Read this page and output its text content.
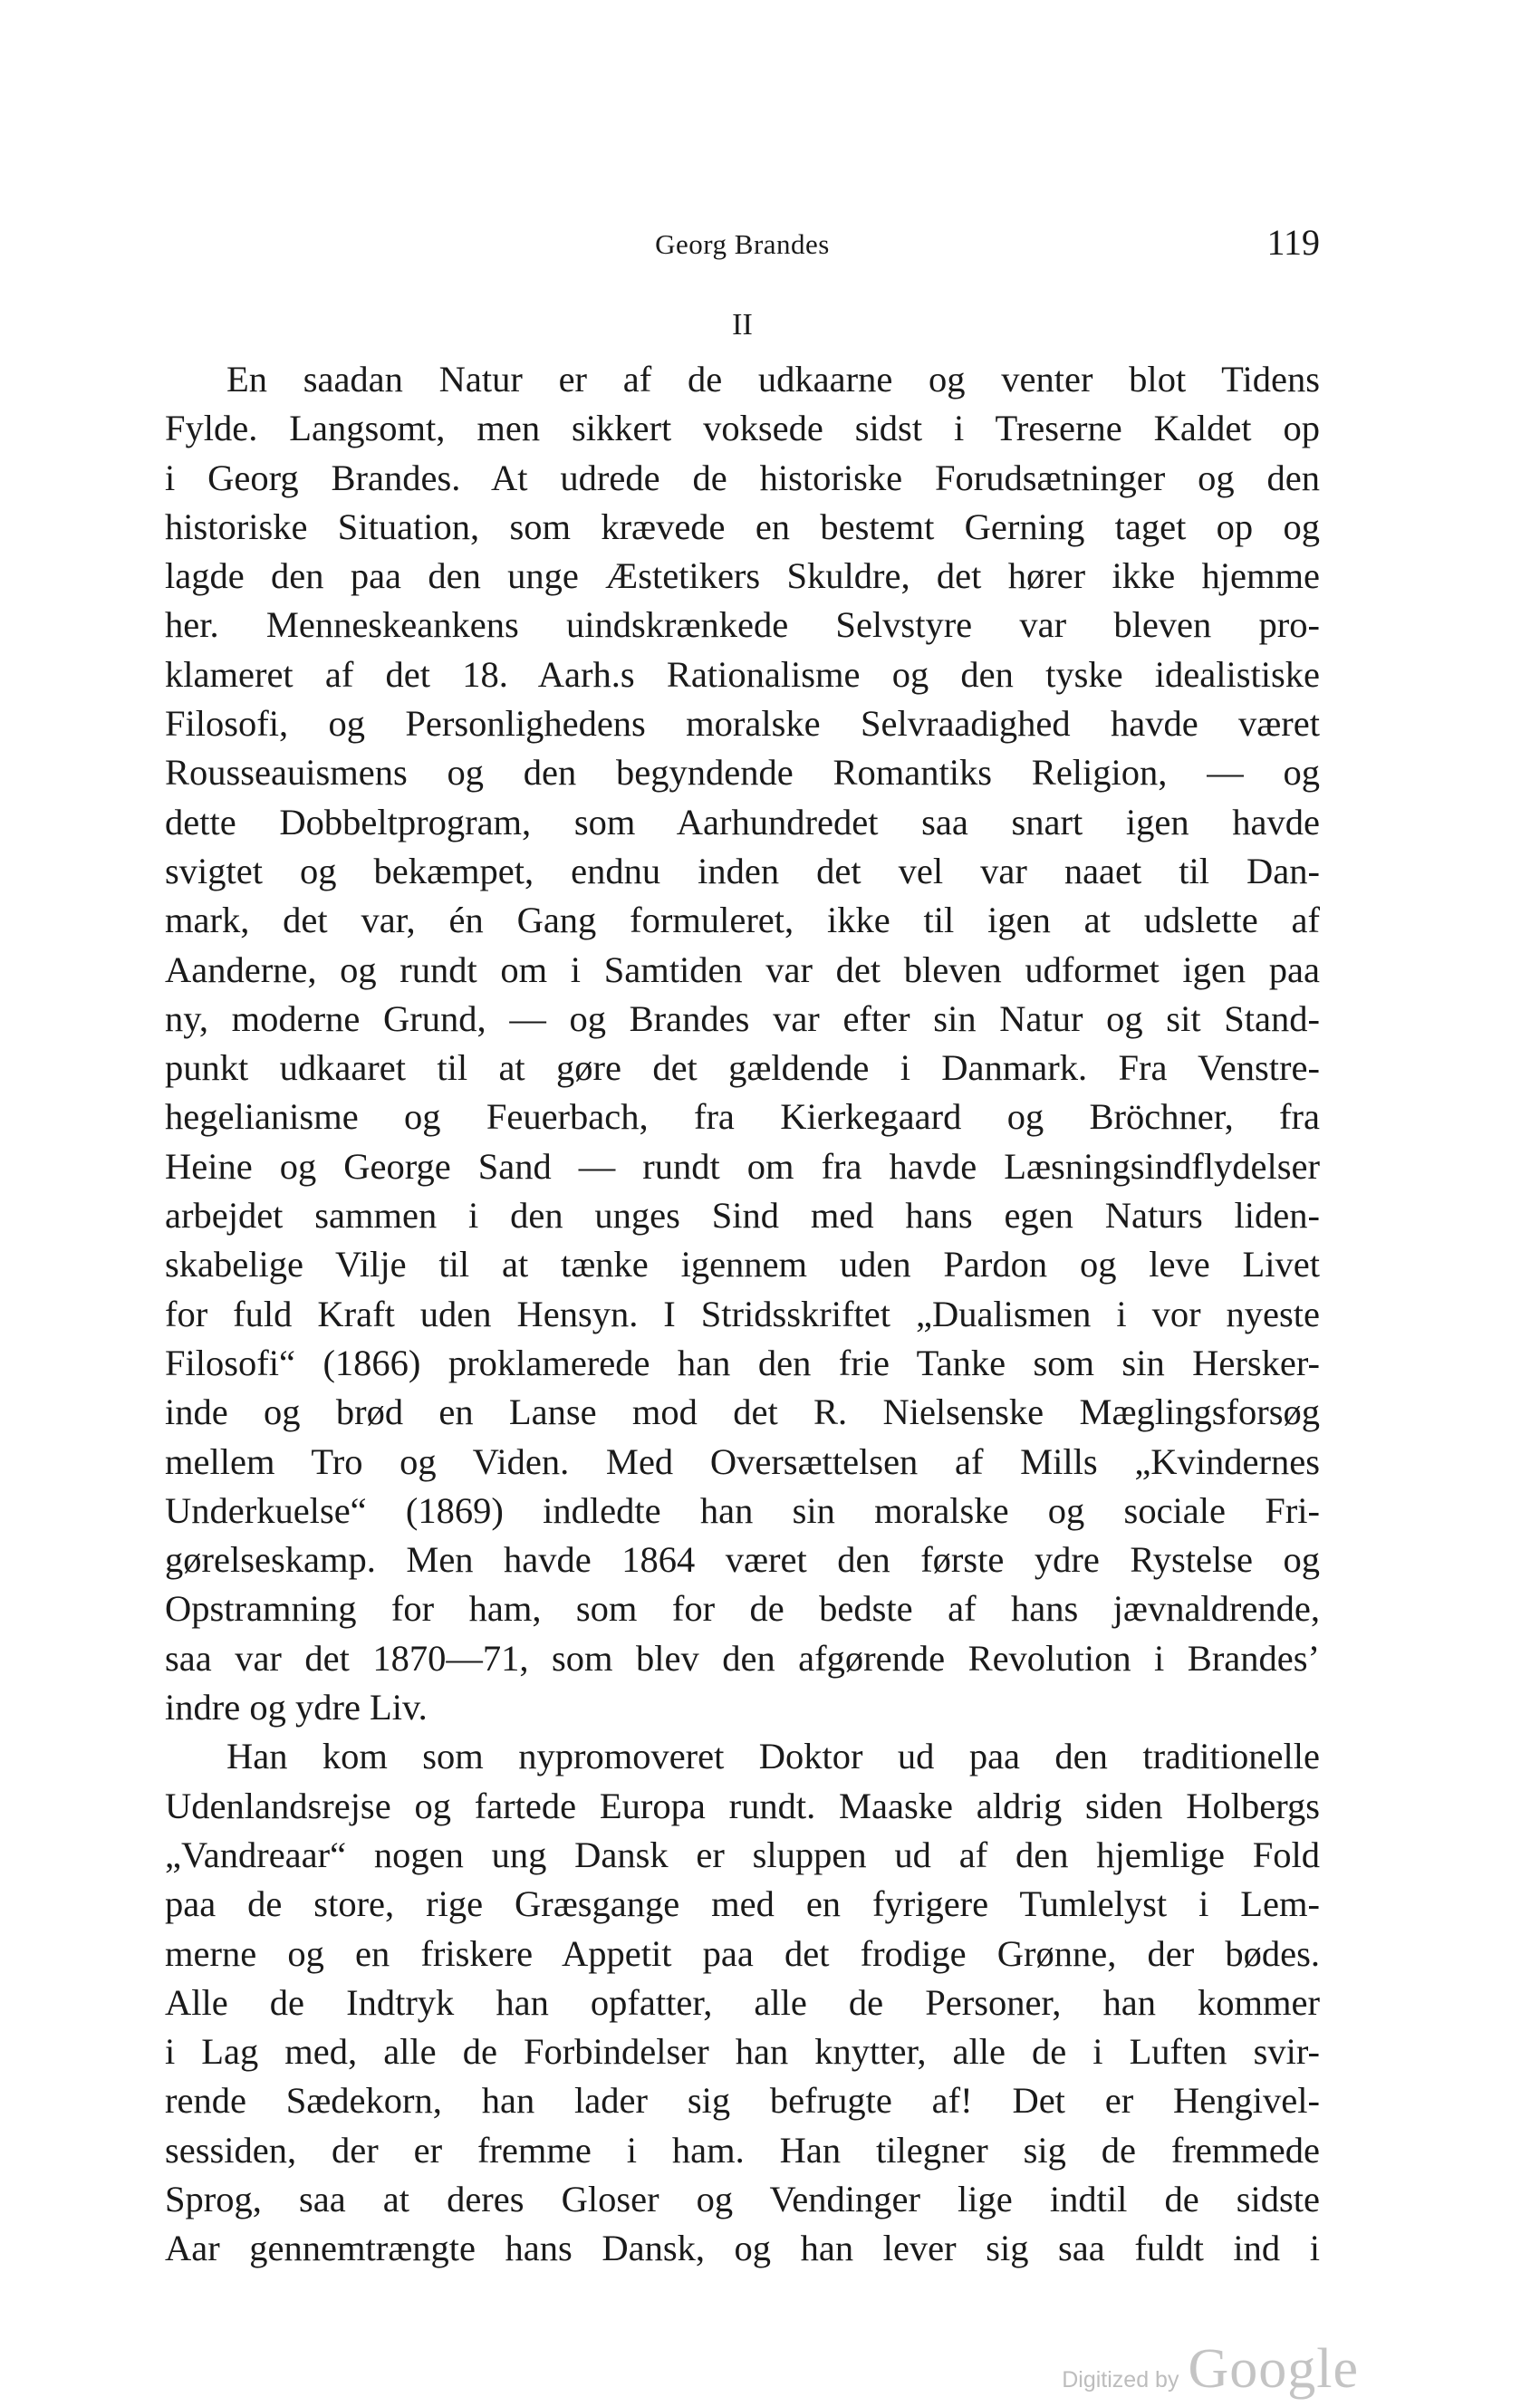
Georg Brandes	119
II
En saadan Natur er af de udkaarne og venter blot Tidens
Fylde. Langsomt, men sikkert voksede sidst i Treserne Kaldet op
i Georg Brandes. At udrede de historiske Forudsætninger og den
historiske Situation, som krævede en bestemt Gerning taget op og
lagde den paa den unge Æstetikers Skuldre, det hører ikke hjemme
her. Menneskeankens uindskrænkede Selvstyre var bleven pro-
klameret af det 18. Aarh.s Rationalisme og den tyske idealistiske
Filosofi, og Personlighedens moralske Selvraadighed havde været
Rousseauismens og den begyndende Romantiks Religion, — og
dette Dobbeltprogram, som Aarhundredet saa snart igen havde
svigtet og bekæmpet, endnu inden det vel var naaet til Dan-
mark, det var, én Gang formuleret, ikke til igen at udslette af
Aanderne, og rundt om i Samtiden var det bleven udformet igen paa
ny, moderne Grund, — og Brandes var efter sin Natur og sit Stand-
punkt udkaaret til at gøre det gældende i Danmark. Fra Venstre-
hegelianisme og Feuerbach, fra Kierkegaard og Bröchner, fra
Heine og George Sand — rundt om fra havde Læsningsindflydelser
arbejdet sammen i den unges Sind med hans egen Naturs liden-
skabelige Vilje til at tænke igennem uden Pardon og leve Livet
for fuld Kraft uden Hensyn. I Stridsskriftet „Dualismen i vor nyeste
Filosofi“ (1866) proklamerede han den frie Tanke som sin Hersker-
inde og brød en Lanse mod det R. Nielsenske Mæglingsforsøg
mellem Tro og Viden. Med Oversættelsen af Mills „Kvindernes
Underkuelse“ (1869) indledte han sin moralske og sociale Fri-
gørelseskamp. Men havde 1864 været den første ydre Rystelse og
Opstramning for ham, som for de bedste af hans jævnaldrende,
saa var det 1870—71, som blev den afgørende Revolution i Brandes’
indre og ydre Liv.
Han kom som nypromoveret Doktor ud paa den traditionelle
Udenlandsrejse og fartede Europa rundt. Maaske aldrig siden Holbergs
„Vandreaar“ nogen ung Dansk er sluppen ud af den hjemlige Fold
paa de store, rige Græsgange med en fyrigere Tumlelyst i Lem-
merne og en friskere Appetit paa det frodige Grønne, der bødes.
Alle de Indtryk han opfatter, alle de Personer, han kommer
i Lag med, alle de Forbindelser han knytter, alle de i Luften svir-
rende Sædekorn, han lader sig befrugte af! Det er Hengivel-
sessiden, der er fremme i ham. Han tilegner sig de fremmede
Sprog, saa at deres Gloser og Vendinger lige indtil de sidste
Aar gennemtrængte hans Dansk, og han lever sig saa fuldt ind i
Digitized by Google
